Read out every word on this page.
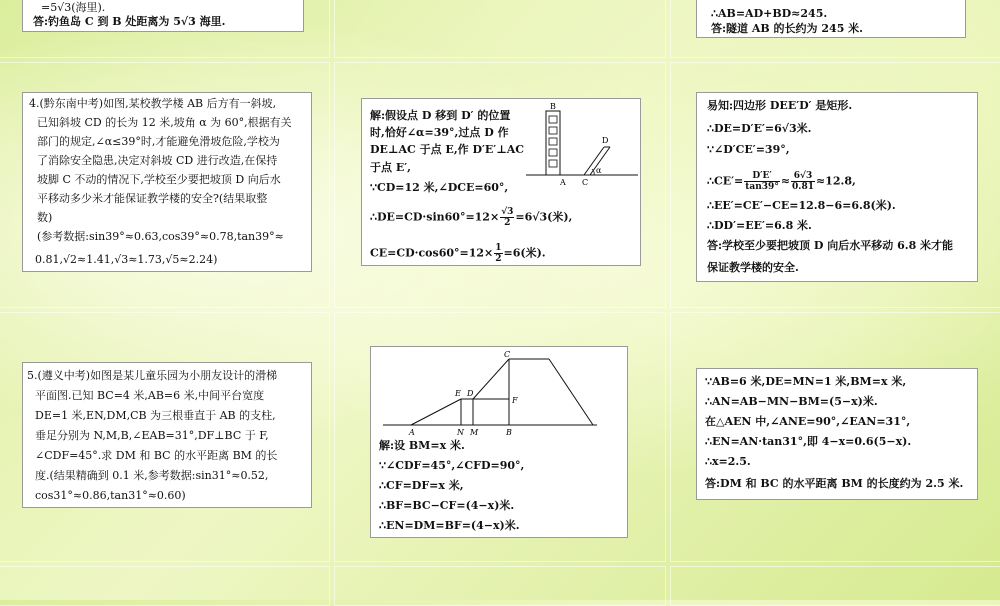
=5√3(海里).
答:钓鱼岛 C 到 B 处距离为 5√3 海里.
∴AB=AD+BD≈245.
答:隧道 AB 的长约为 245 米.
4.(黔东南中考)如图,某校教学楼 AB 后方有一斜坡,
已知斜坡 CD 的长为 12 米,坡角 α 为 60°,根据有关
部门的规定,∠α≤39°时,才能避免滑坡危险,学校为
了消除安全隐患,决定对斜坡 CD 进行改造,在保持
坡脚 C 不动的情况下,学校至少要把坡顶 D 向后水
平移动多少米才能保证教学楼的安全?(结果取整
数)
(参考数据:sin39°≈0.63,cos39°≈0.78,tan39°≈
0.81,√2≈1.41,√3≈1.73,√5≈2.24)
解:假设点 D 移到 D′ 的位置
时,恰好∠α=39°,过点 D 作
DE⊥AC 于点 E,作 D′E′⊥AC
于点 E′,
∵CD=12 米,∠DCE=60°,
∴DE=CD·sin60°=12× $\frac{√3}{2} =6√3$(米),
$CE=CD\cdot\cos 60^\circ=12\times \frac{1}{2} =6$(米).
B
D
A C
α
易知:四边形 DEE′D′ 是矩形.
∴DE=D′E′=6√3米.
∵∠D′CE′=39°,
∴CE′= $\frac{D'E'}{\tan 39^\circ} \approx \frac{6√3}{0.81} \approx 12.8$,
∴EE′=CE′−CE=12.8−6=6.8(米).
∴DD′=EE′=6.8 米.
答:学校至少要把坡顶 D 向后水平移动 6.8 米才能
保证教学楼的安全.
5.(遵义中考)如图是某儿童乐园为小朋友设计的滑梯
平面图.已知 BC=4 米,AB=6 米,中间平台宽度
DE=1 米,EN,DM,CB 为三根垂直于 AB 的支柱,
垂足分别为 N,M,B,∠EAB=31°,DF⊥BC 于 F,
∠CDF=45°.求 DM 和 BC 的水平距离 BM 的长
度.(结果精确到 0.1 米,参考数据:sin31°≈0.52,
cos31°≈0.86,tan31°≈0.60)
C
E D
F
A	N M	B
解:设 BM=x 米.
∵∠CDF=45°,∠CFD=90°,
∴CF=DF=x 米,
∴BF=BC−CF=(4−x)米.
∴EN=DM=BF=(4−x)米.
∵AB=6 米,DE=MN=1 米,BM=x 米,
∴AN=AB−MN−BM=(5−x)米.
在△AEN 中,∠ANE=90°,∠EAN=31°,
∴EN=AN·tan31°,即 4−x=0.6(5−x).
∴x=2.5.
答:DM 和 BC 的水平距离 BM 的长度约为 2.5 米.
